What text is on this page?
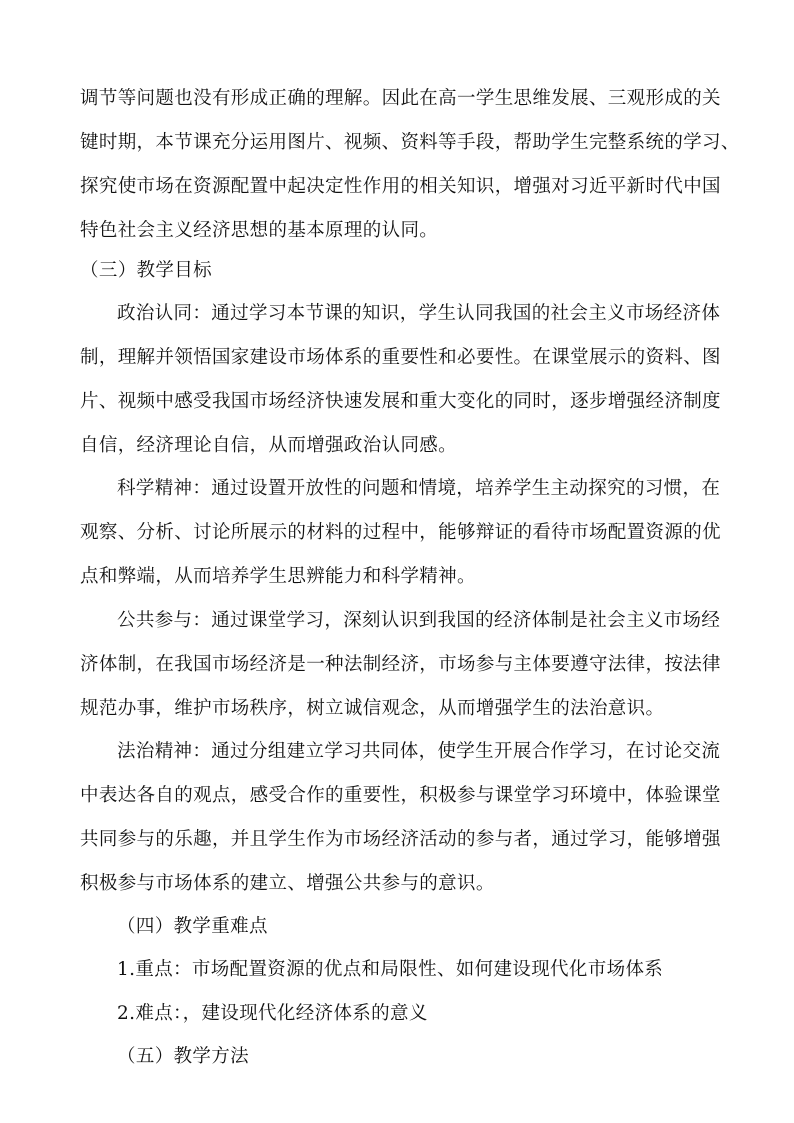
调节等问题也没有形成正确的理解。因此在高一学生思维发展、三观形成的关
键时期，本节课充分运用图片、视频、资料等手段，帮助学生完整系统的学习、
探究使市场在资源配置中起决定性作用的相关知识，增强对习近平新时代中国
特色社会主义经济思想的基本原理的认同。
（三）教学目标
政治认同：通过学习本节课的知识，学生认同我国的社会主义市场经济体
制，理解并领悟国家建设市场体系的重要性和必要性。在课堂展示的资料、图
片、视频中感受我国市场经济快速发展和重大变化的同时，逐步增强经济制度
自信，经济理论自信，从而增强政治认同感。
科学精神：通过设置开放性的问题和情境，培养学生主动探究的习惯，在
观察、分析、讨论所展示的材料的过程中，能够辩证的看待市场配置资源的优
点和弊端，从而培养学生思辨能力和科学精神。
公共参与：通过课堂学习，深刻认识到我国的经济体制是社会主义市场经
济体制，在我国市场经济是一种法制经济，市场参与主体要遵守法律，按法律
规范办事，维护市场秩序，树立诚信观念，从而增强学生的法治意识。
法治精神：通过分组建立学习共同体，使学生开展合作学习，在讨论交流
中表达各自的观点，感受合作的重要性，积极参与课堂学习环境中，体验课堂
共同参与的乐趣，并且学生作为市场经济活动的参与者，通过学习，能够增强
积极参与市场体系的建立、增强公共参与的意识。
（四）教学重难点
1.重点：市场配置资源的优点和局限性、如何建设现代化市场体系
2.难点：，建设现代化经济体系的意义
（五）教学方法
